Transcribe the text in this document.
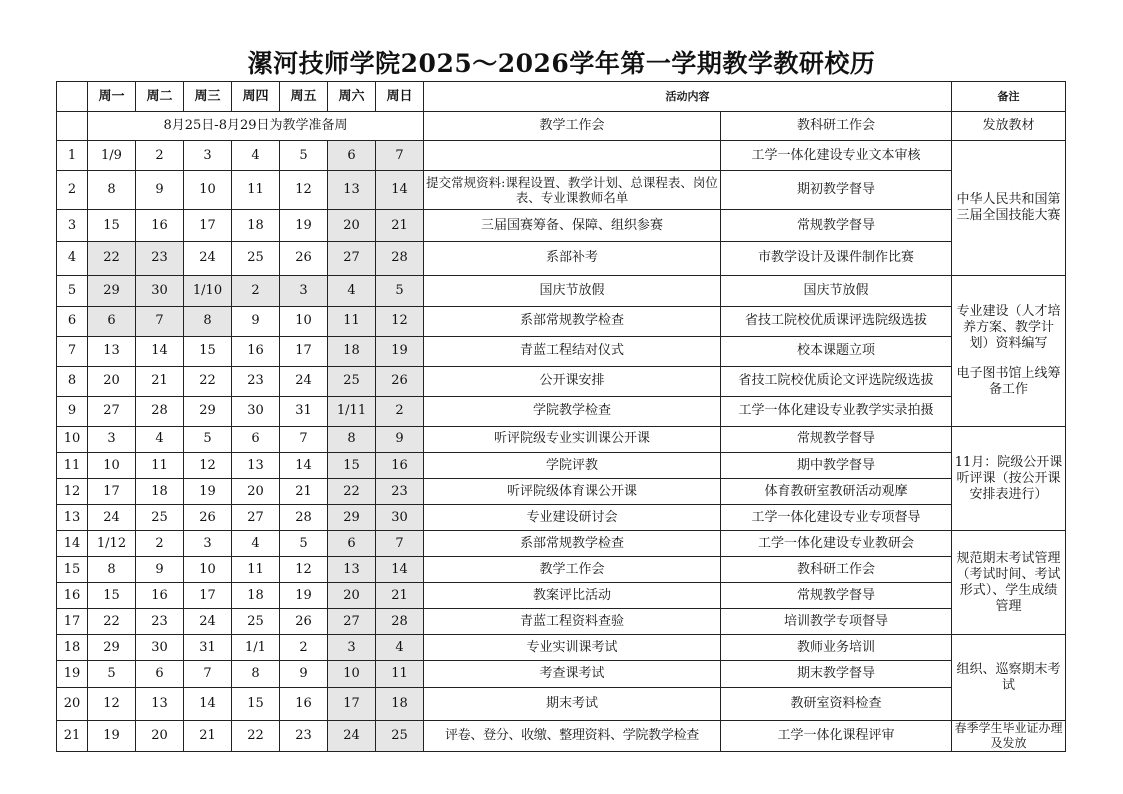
漯河技师学院2025～2026学年第一学期教学教研校历
	周一	周二	周三	周四	周五	周六	周日	活动内容		备注
	8月25日-8月29日为教学准备周							教学工作会	教科研工作会	发放教材
1	1/9	2	3	4	5	6	7		工学一体化建设专业文本审核	中华人民共和国第三届全国技能大赛
2	8	9	10	11	12	13	14	提交常规资料:课程设置、教学计划、总课程表、岗位表、专业课教师名单	期初教学督导	
3	15	16	17	18	19	20	21	三届国赛筹备、保障、组织参赛	常规教学督导	
4	22	23	24	25	26	27	28	系部补考	市教学设计及课件制作比赛	
5	29	30	1/10	2	3	4	5	国庆节放假	国庆节放假	专业建设（人才培养方案、教学计划）资料编写
电子图书馆上线筹备工作

6	6	7	8	9	10	11	12	系部常规教学检查	省技工院校优质课评选院级选拔	
7	13	14	15	16	17	18	19	青蓝工程结对仪式	校本课题立项	
8	20	21	22	23	24	25	26	公开课安排	省技工院校优质论文评选院级选拔	
9	27	28	29	30	31	1/11	2	学院教学检查	工学一体化建设专业教学实录拍摄	
10	3	4	5	6	7	8	9	听评院级专业实训课公开课	常规教学督导	11月：院级公开课听评课（按公开课安排表进行）
11	10	11	12	13	14	15	16	学院评教	期中教学督导	
12	17	18	19	20	21	22	23	听评院级体育课公开课	体育教研室教研活动观摩	
13	24	25	26	27	28	29	30	专业建设研讨会	工学一体化建设专业专项督导	
14	1/12	2	3	4	5	6	7	系部常规教学检查	工学一体化建设专业教研会	规范期末考试管理（考试时间、考试形式）、学生成绩管理
15	8	9	10	11	12	13	14	教学工作会	教科研工作会	
16	15	16	17	18	19	20	21	教案评比活动	常规教学督导	
17	22	23	24	25	26	27	28	青蓝工程资料查验	培训教学专项督导	
18	29	30	31	1/1	2	3	4	专业实训课考试	教师业务培训	组织、巡察期末考试
19	5	6	7	8	9	10	11	考查课考试	期末教学督导	
20	12	13	14	15	16	17	18	期末考试	教研室资料检查	
21	19	20	21	22	23	24	25	评卷、登分、收缴、整理资料、学院教学检查	工学一体化课程评审	春季学生毕业证办理及发放
